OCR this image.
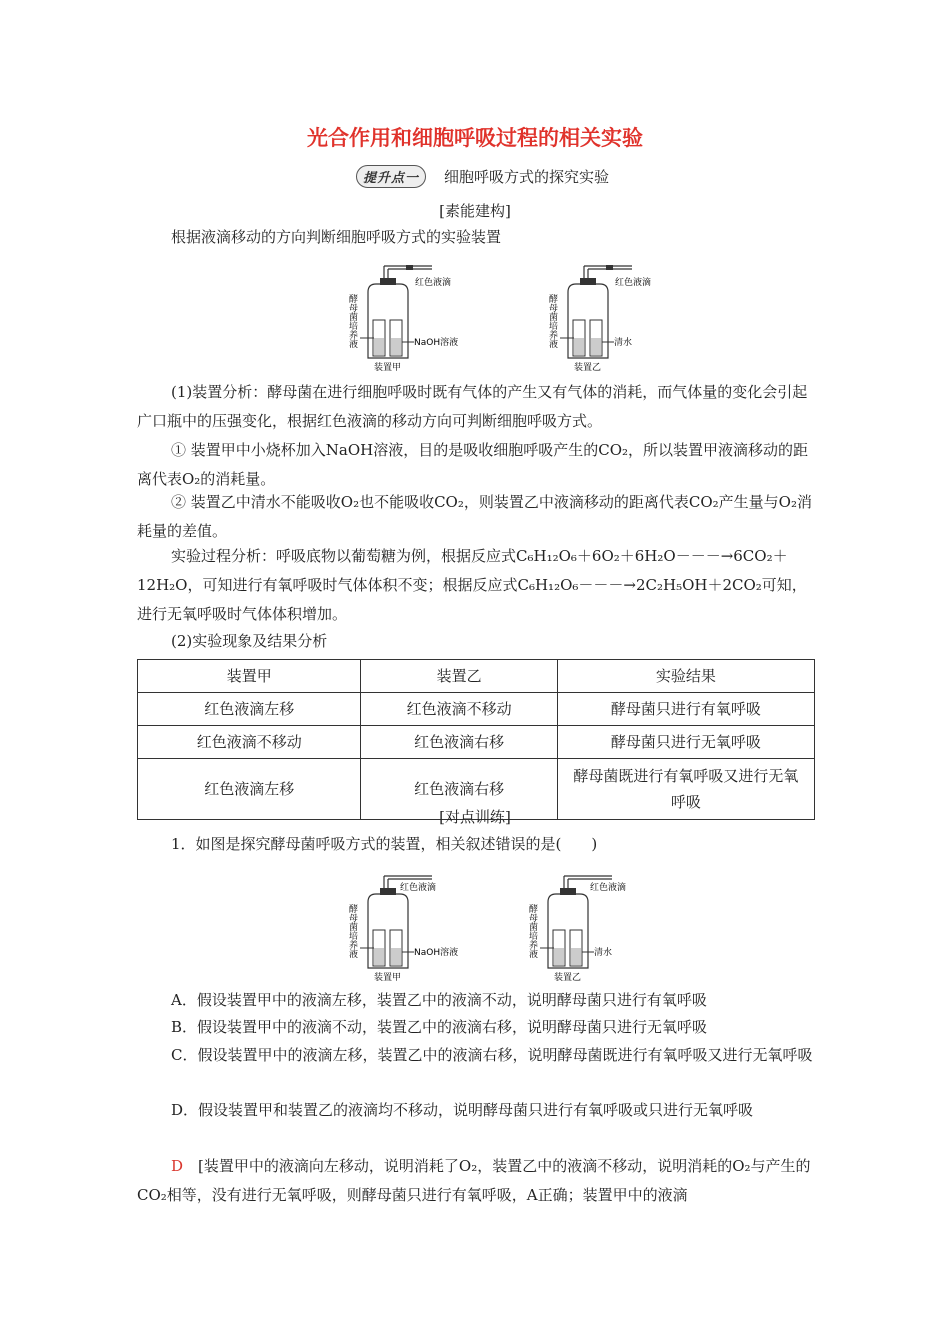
光合作用和细胞呼吸过程的相关实验
提升点一	细胞呼吸方式的探究实验
[素能建构]
根据液滴移动的方向判断细胞呼吸方式的实验装置
红色液滴
NaOH溶液
装置甲
酵母菌培养液
红色液滴
清水
装置乙
酵母菌培养液
(1)装置分析：酵母菌在进行细胞呼吸时既有气体的产生又有气体的消耗，而气体量的变化会引起广口瓶中的压强变化，根据红色液滴的移动方向可判断细胞呼吸方式。
① 装置甲中小烧杯加入NaOH溶液，目的是吸收细胞呼吸产生的CO₂，所以装置甲液滴移动的距离代表O₂的消耗量。
② 装置乙中清水不能吸收O₂也不能吸收CO₂，则装置乙中液滴移动的距离代表CO₂产生量与O₂消耗量的差值。
实验过程分析：呼吸底物以葡萄糖为例，根据反应式C₆H₁₂O₆＋6O₂＋6H₂O－－－→6CO₂＋12H₂O，可知进行有氧呼吸时气体体积不变；根据反应式C₆H₁₂O₆－－－→2C₂H₅OH＋2CO₂可知，进行无氧呼吸时气体体积增加。
(2)实验现象及结果分析
装置甲	装置乙	实验结果
红色液滴左移	红色液滴不移动	酵母菌只进行有氧呼吸
红色液滴不移动	红色液滴右移	酵母菌只进行无氧呼吸
红色液滴左移	红色液滴右移	酵母菌既进行有氧呼吸又进行无氧呼吸
[对点训练]
1．如图是探究酵母菌呼吸方式的装置，相关叙述错误的是(　　)
红色液滴
NaOH溶液
装置甲
酵母菌培养液
红色液滴
清水
装置乙
酵母菌培养液
A．假设装置甲中的液滴左移，装置乙中的液滴不动，说明酵母菌只进行有氧呼吸
B．假设装置甲中的液滴不动，装置乙中的液滴右移，说明酵母菌只进行无氧呼吸
C．假设装置甲中的液滴左移，装置乙中的液滴右移，说明酵母菌既进行有氧呼吸又进行无氧呼吸
D．假设装置甲和装置乙的液滴均不移动，说明酵母菌只进行有氧呼吸或只进行无氧呼吸
D　 [装置甲中的液滴向左移动，说明消耗了O₂，装置乙中的液滴不移动，说明消耗的O₂与产生的CO₂相等，没有进行无氧呼吸，则酵母菌只进行有氧呼吸，A正确；装置甲中的液滴
